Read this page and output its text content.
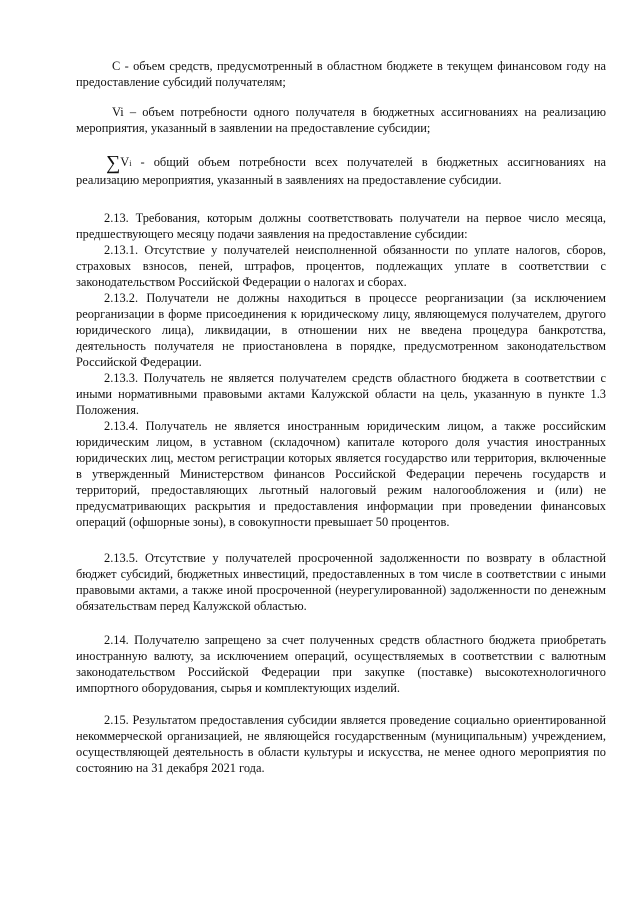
С - объем средств, предусмотренный в областном бюджете в текущем финансовом году на предоставление субсидий получателям;

Vi – объем потребности одного получателя в бюджетных ассигнованиях на реализацию мероприятия, указанный в заявлении на предоставление субсидии;

∑Vi - общий объем потребности всех получателей в бюджетных ассигнованиях на реализацию мероприятия, указанный в заявлениях на предоставление субсидии.

2.13. Требования, которым должны соответствовать получатели на первое число месяца, предшествующего месяцу подачи заявления на предоставление субсидии:

2.13.1. Отсутствие у получателей неисполненной обязанности по уплате налогов, сборов, страховых взносов, пеней, штрафов, процентов, подлежащих уплате в соответствии с законодательством Российской Федерации о налогах и сборах.

2.13.2. Получатели не должны находиться в процессе реорганизации (за исключением реорганизации в форме присоединения к юридическому лицу, являющемуся получателем, другого юридического лица), ликвидации, в отношении них не введена процедура банкротства, деятельность получателя не приостановлена в порядке, предусмотренном законодательством Российской Федерации.

2.13.3. Получатель не является получателем средств областного бюджета в соответствии с иными нормативными правовыми актами Калужской области на цель, указанную в пункте 1.3 Положения.

2.13.4. Получатель не является иностранным юридическим лицом, а также российским юридическим лицом, в уставном (складочном) капитале которого доля участия иностранных юридических лиц, местом регистрации которых является государство или территория, включенные в утвержденный Министерством финансов Российской Федерации перечень государств и территорий, предоставляющих льготный налоговый режим налогообложения и (или) не предусматривающих раскрытия и предоставления информации при проведении финансовых операций (офшорные зоны), в совокупности превышает 50 процентов.

2.13.5. Отсутствие у получателей просроченной задолженности по возврату в областной бюджет субсидий, бюджетных инвестиций, предоставленных в том числе в соответствии с иными правовыми актами, а также иной просроченной (неурегулированной) задолженности по денежным обязательствам перед Калужской областью.

2.14. Получателю запрещено за счет полученных средств областного бюджета приобретать иностранную валюту, за исключением операций, осуществляемых в соответствии с валютным законодательством Российской Федерации при закупке (поставке) высокотехнологичного импортного оборудования, сырья и комплектующих изделий.

2.15. Результатом предоставления субсидии является проведение социально ориентированной некоммерческой организацией, не являющейся государственным (муниципальным) учреждением, осуществляющей деятельность в области культуры и искусства, не менее одного мероприятия по состоянию на 31 декабря 2021 года.
